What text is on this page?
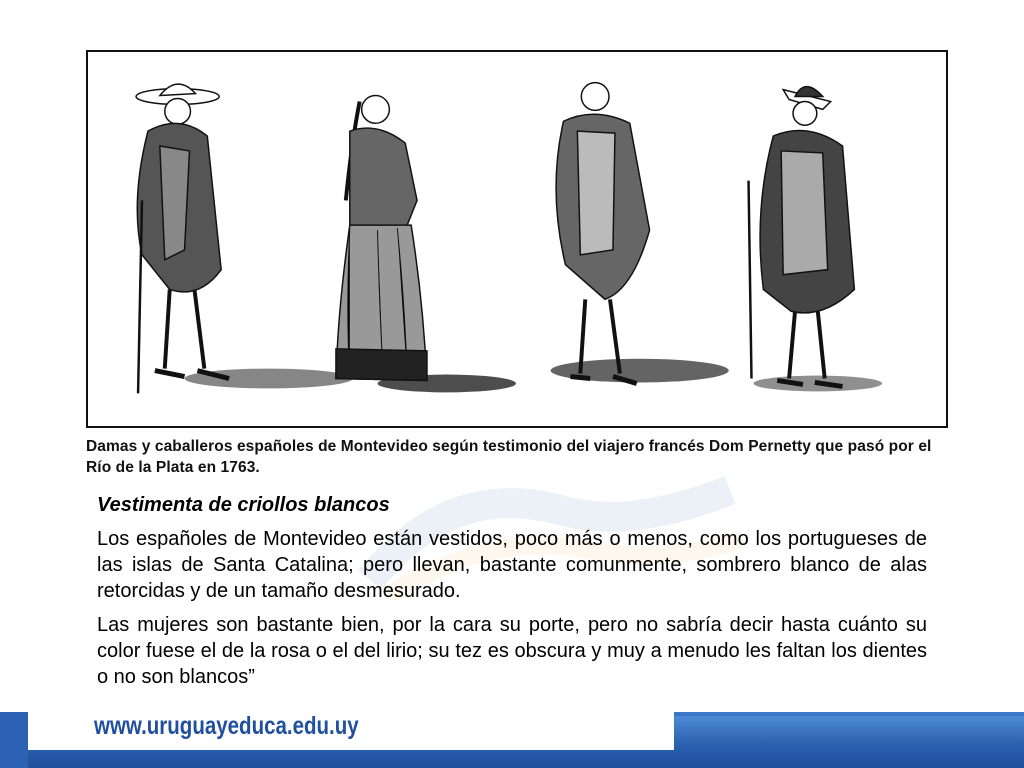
Damas y caballeros españoles de Montevideo según testimonio del viajero francés Dom Pernetty que pasó por el Río de la Plata en 1763.
Vestimenta de criollos blancos

Los españoles de Montevideo están vestidos, poco más o menos, como los portugueses de las islas de Santa Catalina; pero llevan, bastante comunmente, sombrero blanco de alas retorcidas y de un tamaño desmesurado.

Las mujeres son bastante bien, por la cara su porte, pero no sabría decir hasta cuánto su color fuese el de la rosa o el del lirio; su tez es obscura y muy a menudo les faltan los dientes o no son blancos”

www.uruguayeduca.edu.uy
